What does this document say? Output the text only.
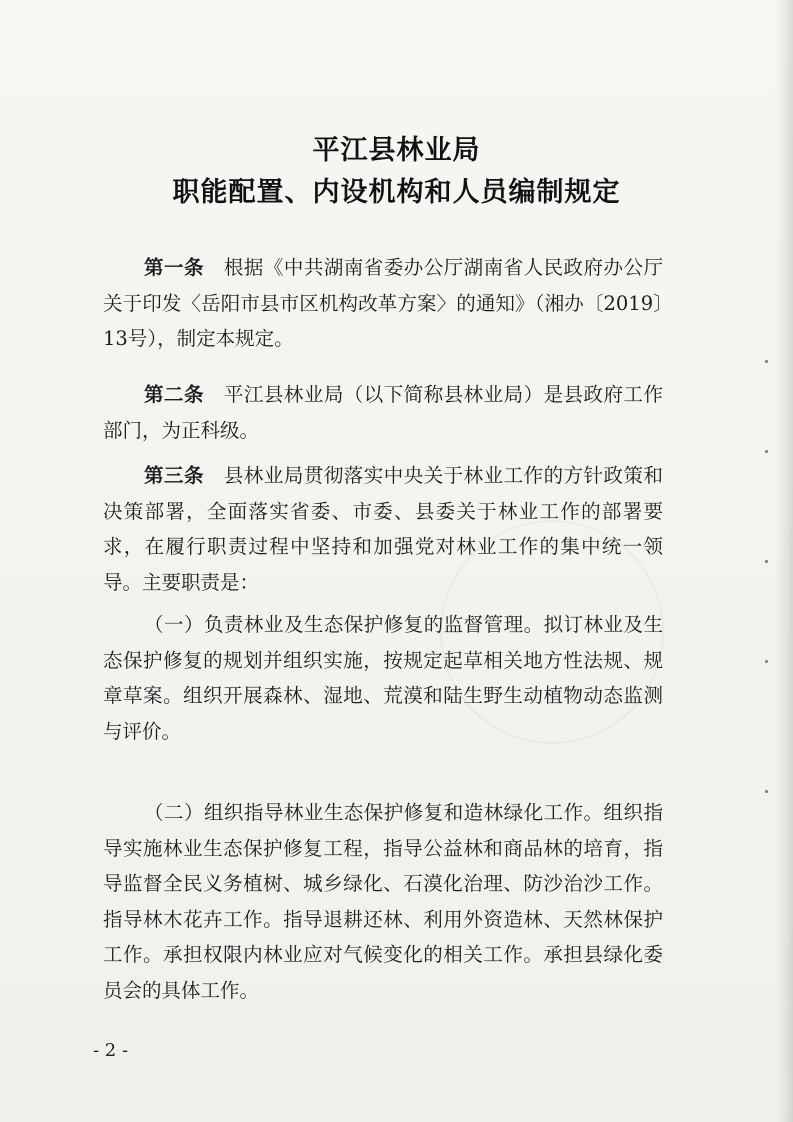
平江县林业局
职能配置、内设机构和人员编制规定

第一条　 根据《中共湖南省委办公厅湖南省人民政府办公厅关于印发〈岳阳市县市区机构改革方案〉的通知》（湘办〔2019〕13号），制定本规定。

第二条　 平江县林业局（以下简称县林业局）是县政府工作部门，为正科级。

第三条　 县林业局贯彻落实中央关于林业工作的方针政策和决策部署，全面落实省委、市委、县委关于林业工作的部署要求，在履行职责过程中坚持和加强党对林业工作的集中统一领导。主要职责是：

（一）负责林业及生态保护修复的监督管理。拟订林业及生态保护修复的规划并组织实施，按规定起草相关地方性法规、规章草案。组织开展森林、湿地、荒漠和陆生野生动植物动态监测与评价。

（二）组织指导林业生态保护修复和造林绿化工作。组织指导实施林业生态保护修复工程，指导公益林和商品林的培育，指导监督全民义务植树、城乡绿化、石漠化治理、防沙治沙工作。指导林木花卉工作。指导退耕还林、利用外资造林、天然林保护工作。承担权限内林业应对气候变化的相关工作。承担县绿化委员会的具体工作。

- 2 -
